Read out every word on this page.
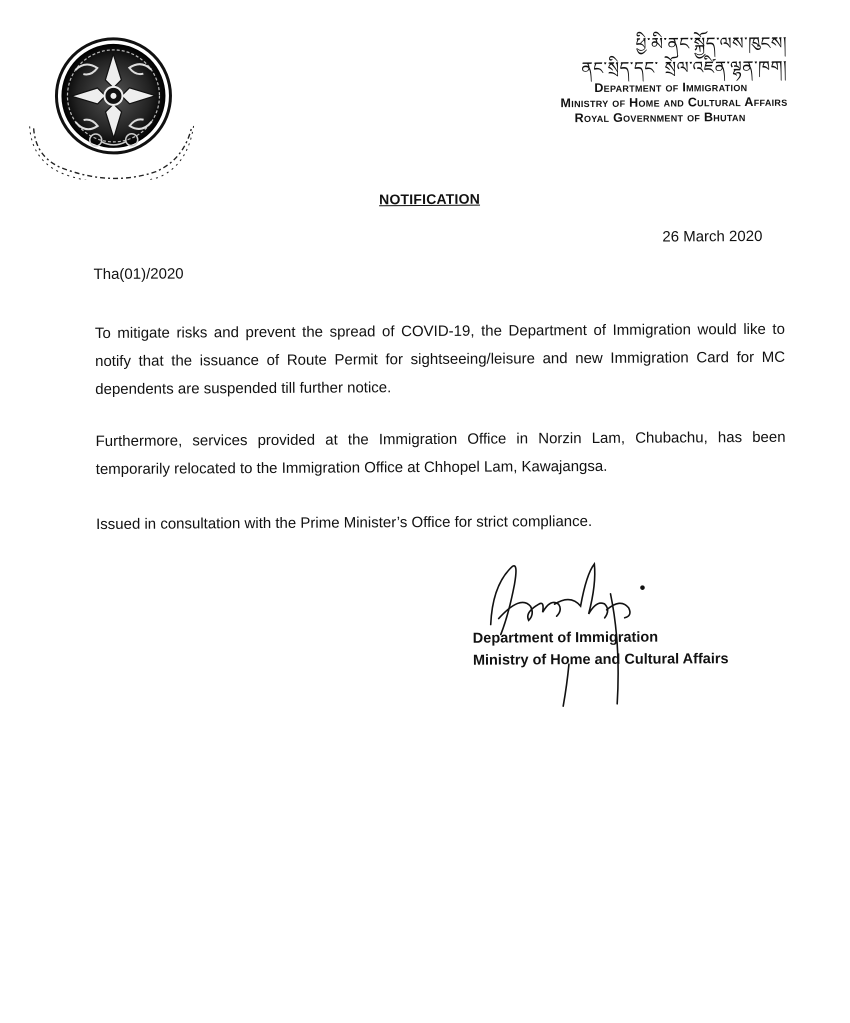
ཕྱི་མི་ནང་སྐྱོད་ལས་ཁུངས།
ནང་སྲིད་དང་ སྲོལ་འཛིན་ལྷན་ཁག།
Department of Immigration
Ministry of Home and Cultural Affairs
Royal Government of Bhutan
NOTIFICATION
26 March 2020
Tha(01)/2020
To mitigate risks and prevent the spread of COVID-19, the Department of Immigration would like to notify that the issuance of Route Permit for sightseeing/leisure and new Immigration Card for MC dependents are suspended till further notice.
Furthermore, services provided at the Immigration Office in Norzin Lam, Chubachu, has been temporarily relocated to the Immigration Office at Chhopel Lam, Kawajangsa.
Issued in consultation with the Prime Minister’s Office for strict compliance.
Department of Immigration
Ministry of Home and Cultural Affairs
